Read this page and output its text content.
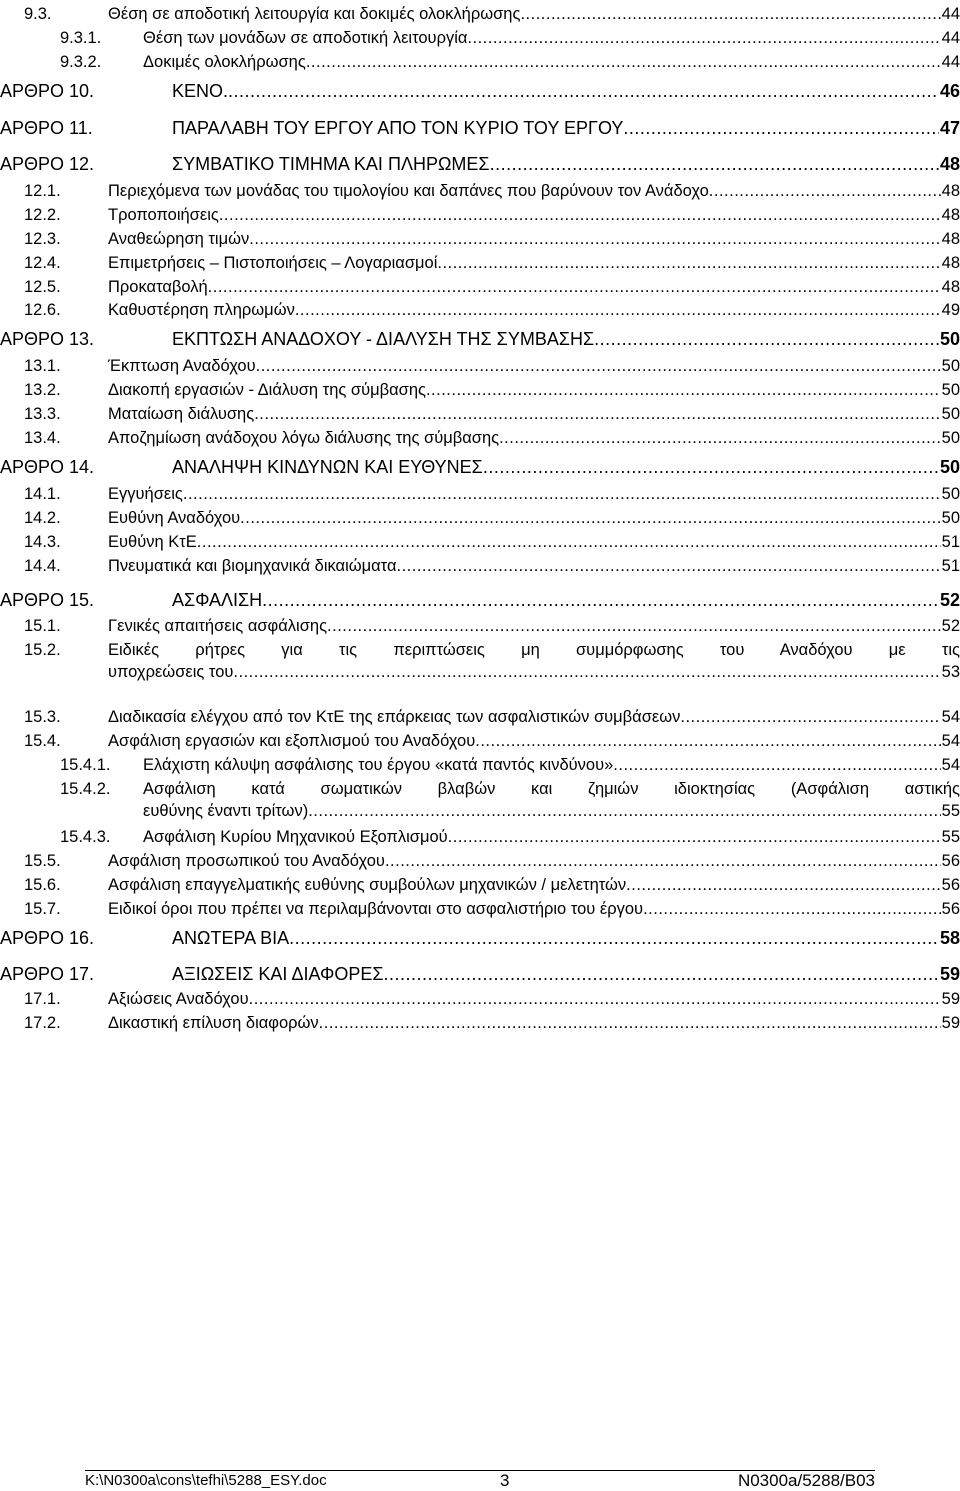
9.3.	Θέση σε αποδοτική λειτουργία και δοκιμές ολοκλήρωσης .....	44
9.3.1.	Θέση των μονάδων σε αποδοτική λειτουργία .....	44
9.3.2.	Δοκιμές ολοκλήρωσης .....	44
ΑΡΘΡΟ 10.	ΚΕΝΟ. .....	46
ΑΡΘΡΟ 11.	ΠΑΡΑΛΑΒΗ ΤΟΥ ΕΡΓΟΥ ΑΠΟ ΤΟΝ ΚΥΡΙΟ ΤΟΥ ΕΡΓΟΥ .....	47
ΑΡΘΡΟ 12.	ΣΥΜΒΑΤΙΚΟ ΤΙΜΗΜΑ ΚΑΙ ΠΛΗΡΩΜΕΣ .....	48
12.1.	Περιεχόμενα των μονάδας του τιμολογίου και δαπάνες που βαρύνουν τον Ανάδοχο .....	48
12.2.	Τροποποιήσεις .....	48
12.3.	Αναθεώρηση τιμών .....	48
12.4.	Επιμετρήσεις – Πιστοποιήσεις – Λογαριασμοί .....	48
12.5.	Προκαταβολή .....	48
12.6.	Καθυστέρηση πληρωμών .....	49
ΑΡΘΡΟ 13.	ΕΚΠΤΩΣΗ ΑΝΑΔΟΧΟΥ - ΔΙΑΛΥΣΗ ΤΗΣ ΣΥΜΒΑΣΗΣ .....	50
13.1.	Έκπτωση Αναδόχου .....	50
13.2.	Διακοπή εργασιών - Διάλυση της σύμβασης .....	50
13.3.	Ματαίωση διάλυσης .....	50
13.4.	Αποζημίωση ανάδοχου λόγω διάλυσης της σύμβασης .....	50
ΑΡΘΡΟ 14.	ΑΝΑΛΗΨΗ ΚΙΝΔΥΝΩΝ ΚΑΙ ΕΥΘΥΝΕΣ .....	50
14.1.	Εγγυήσεις .....	50
14.2.	Ευθύνη Αναδόχου .....	50
14.3.	Ευθύνη ΚτΕ .....	51
14.4.	Πνευματικά και βιομηχανικά δικαιώματα .....	51
ΑΡΘΡΟ 15.	ΑΣΦΑΛΙΣΗ .....	52
15.1.	Γενικές απαιτήσεις ασφάλισης .....	52
15.2.	Ειδικές ρήτρες για τις περιπτώσεις μη συμμόρφωσης του Αναδόχου με τις
υποχρεώσεις του .....	53
15.3.	Διαδικασία ελέγχου από τον ΚτΕ της επάρκειας των ασφαλιστικών συμβάσεων .....	54
15.4.	Ασφάλιση εργασιών και εξοπλισμού του Αναδόχου .....	54
15.4.1. Ελάχιστη κάλυψη ασφάλισης του έργου «κατά παντός κινδύνου» .....	54
15.4.2. Ασφάλιση κατά σωματικών βλαβών και ζημιών ιδιοκτησίας (Ασφάλιση αστικής
ευθύνης έναντι τρίτων) .....	55
15.4.3. Ασφάλιση Κυρίου Μηχανικού Εξοπλισμού .....	55
15.5.	Ασφάλιση προσωπικού του Αναδόχου .....	56
15.6.	Ασφάλιση επαγγελματικής ευθύνης συμβούλων μηχανικών / μελετητών .....	56
15.7.	Ειδικοί όροι που πρέπει να περιλαμβάνονται στο ασφαλιστήριο του έργου .....	56
ΑΡΘΡΟ 16.	ΑΝΩΤΕΡΑ ΒΙΑ .....	58
ΑΡΘΡΟ 17.	ΑΞΙΩΣΕΙΣ ΚΑΙ ΔΙΑΦΟΡΕΣ .....	59
17.1.	Αξιώσεις Αναδόχου .....	59
17.2.	Δικαστική επίλυση διαφορών .....	59
K:\N0300a\cons\tefhi\5288_ESY.doc	3	N0300a/5288/B03
